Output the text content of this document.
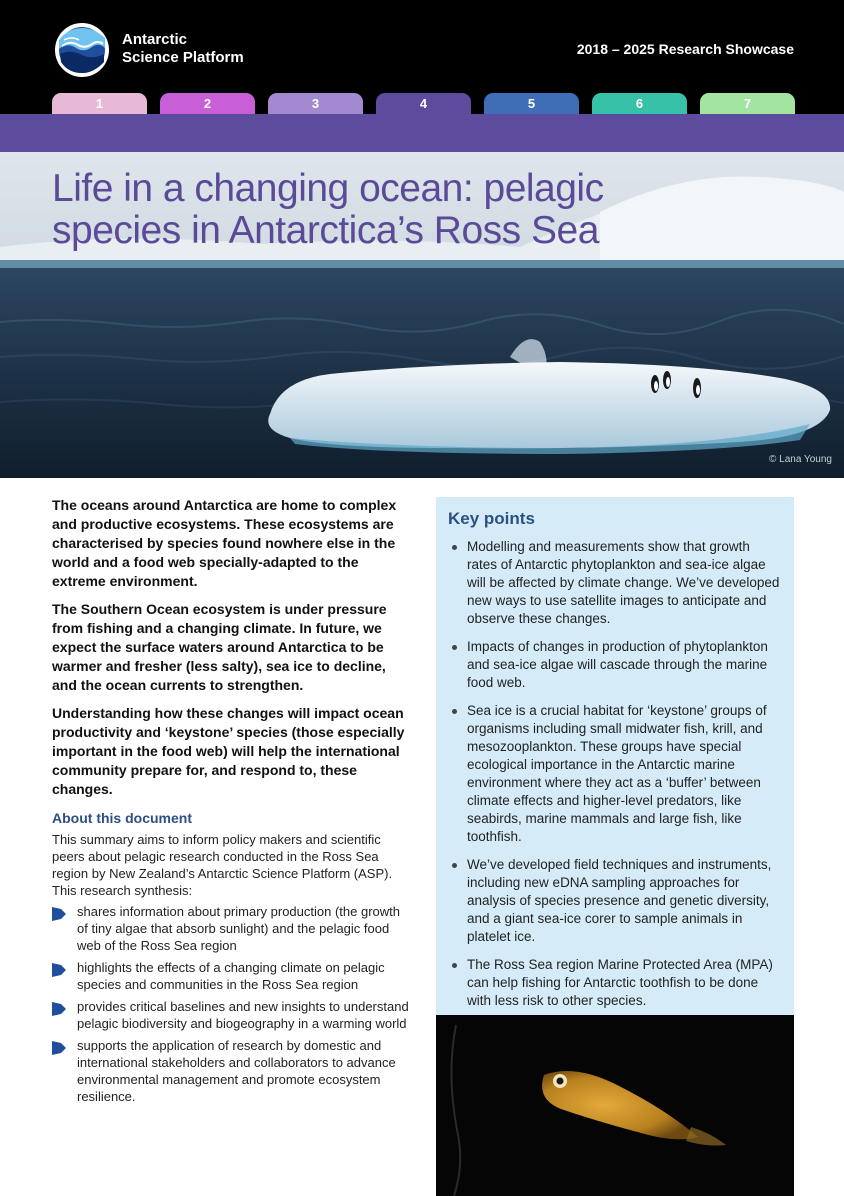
Antarctic
Science Platform	2018 – 2025 Research Showcase
1	2	3	4	5	6	7
Life in a changing ocean: pelagic
species in Antarctica’s Ross Sea
© Lana Young

The oceans around Antarctica are home to complex and productive ecosystems. These ecosystems are characterised by species found nowhere else in the world and a food web specially-adapted to the extreme environment.

The Southern Ocean ecosystem is under pressure from fishing and a changing climate. In future, we expect the surface waters around Antarctica to be warmer and fresher (less salty), sea ice to decline, and the ocean currents to strengthen.

Understanding how these changes will impact ocean productivity and ‘keystone’ species (those especially important in the food web) will help the international community prepare for, and respond to, these changes.

About this document

This summary aims to inform policy makers and scientific peers about pelagic research conducted in the Ross Sea region by New Zealand’s Antarctic Science Platform (ASP). This research synthesis:

shares information about primary production (the growth of tiny algae that absorb sunlight) and the pelagic food web of the Ross Sea region
highlights the effects of a changing climate on pelagic species and communities in the Ross Sea region
provides critical baselines and new insights to understand pelagic biodiversity and biogeography in a warming world
supports the application of research by domestic and international stakeholders and collaborators to advance environmental management and promote ecosystem resilience.
Key points
Modelling and measurements show that growth rates of Antarctic phytoplankton and sea-ice algae will be affected by climate change. We’ve developed new ways to use satellite images to anticipate and observe these changes.
Impacts of changes in production of phytoplankton and sea-ice algae will cascade through the marine food web.
Sea ice is a crucial habitat for ‘keystone’ groups of organisms including small midwater fish, krill, and mesozooplankton. These groups have special ecological importance in the Antarctic marine environment where they act as a ‘buffer’ between climate effects and higher-level predators, like seabirds, marine mammals and large fish, like toothfish.
We’ve developed field techniques and instruments, including new eDNA sampling approaches for analysis of species presence and genetic diversity, and a giant sea-ice corer to sample animals in platelet ice.
The Ross Sea region Marine Protected Area (MPA) can help fishing for Antarctic toothfish to be done with less risk to other species.
